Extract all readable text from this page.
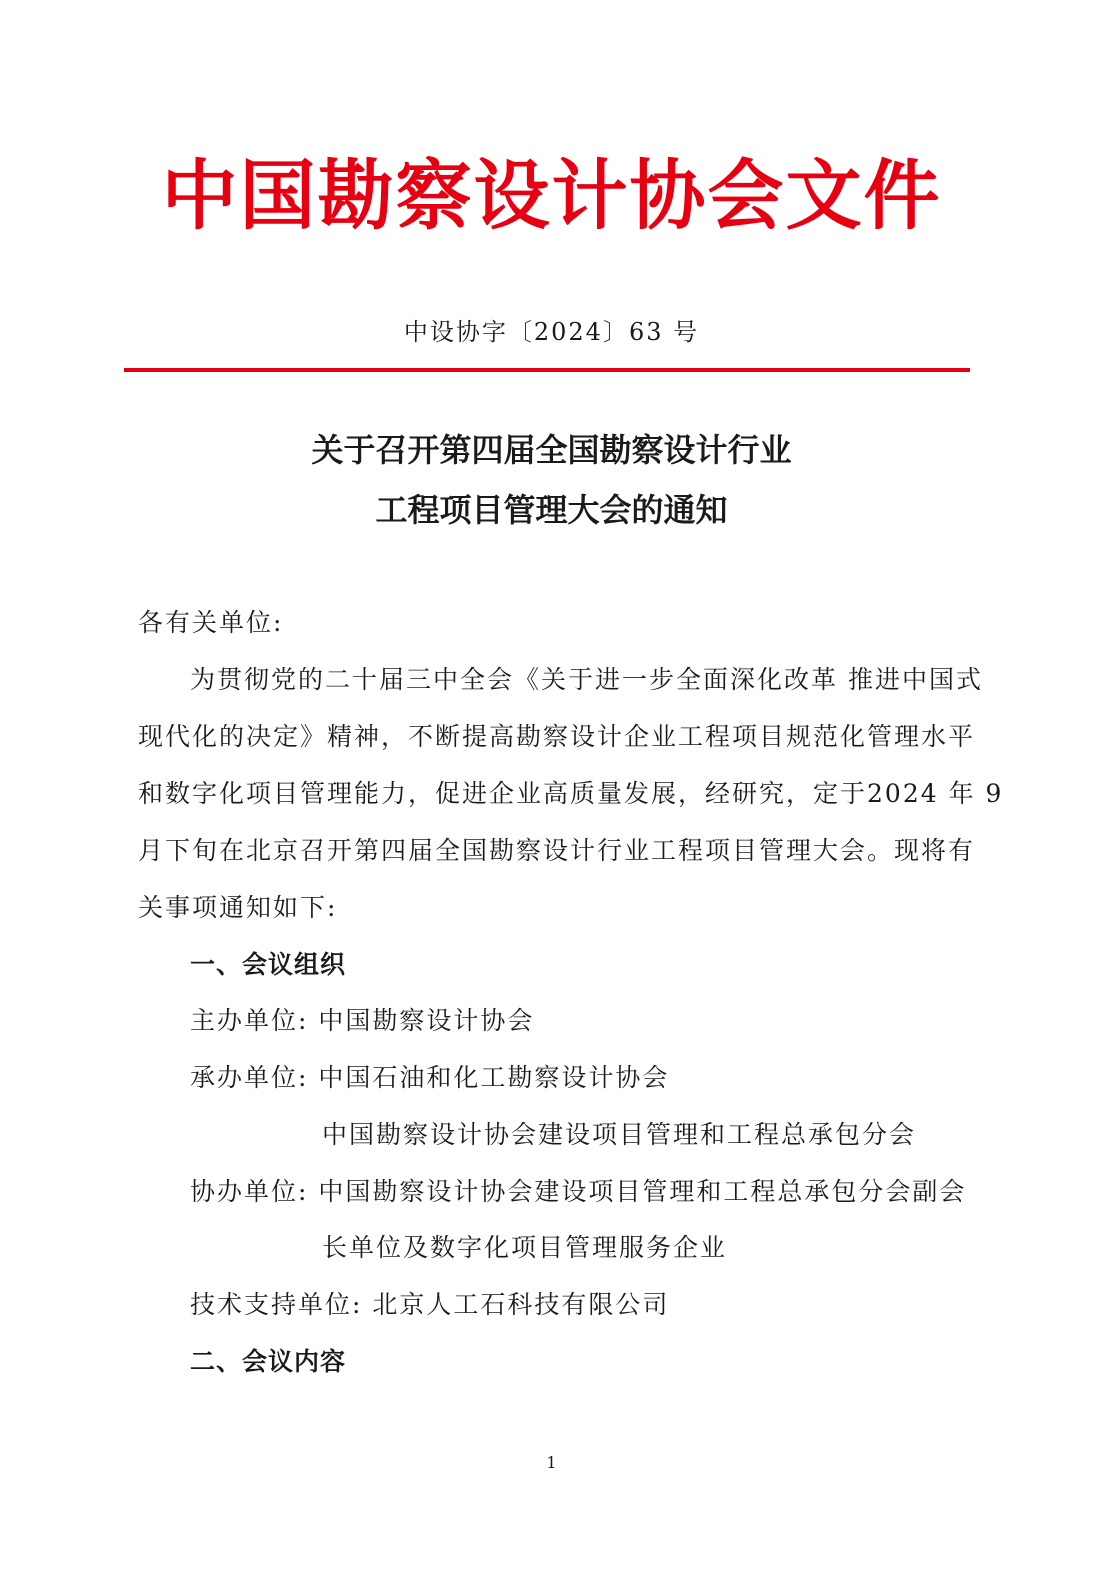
中国勘察设计协会文件
中设协字〔2024〕63 号
关于召开第四届全国勘察设计行业
工程项目管理大会的通知
各有关单位:
为贯彻党的二十届三中全会《关于进一步全面深化改革 推进中国式
现代化的决定》精神，不断提高勘察设计企业工程项目规范化管理水平
和数字化项目管理能力，促进企业高质量发展，经研究，定于2024 年 9
月下旬在北京召开第四届全国勘察设计行业工程项目管理大会。现将有
关事项通知如下:
一、会议组织
主办单位: 中国勘察设计协会
承办单位: 中国石油和化工勘察设计协会
中国勘察设计协会建设项目管理和工程总承包分会
协办单位: 中国勘察设计协会建设项目管理和工程总承包分会副会
长单位及数字化项目管理服务企业
技术支持单位: 北京人工石科技有限公司
二、会议内容
1
